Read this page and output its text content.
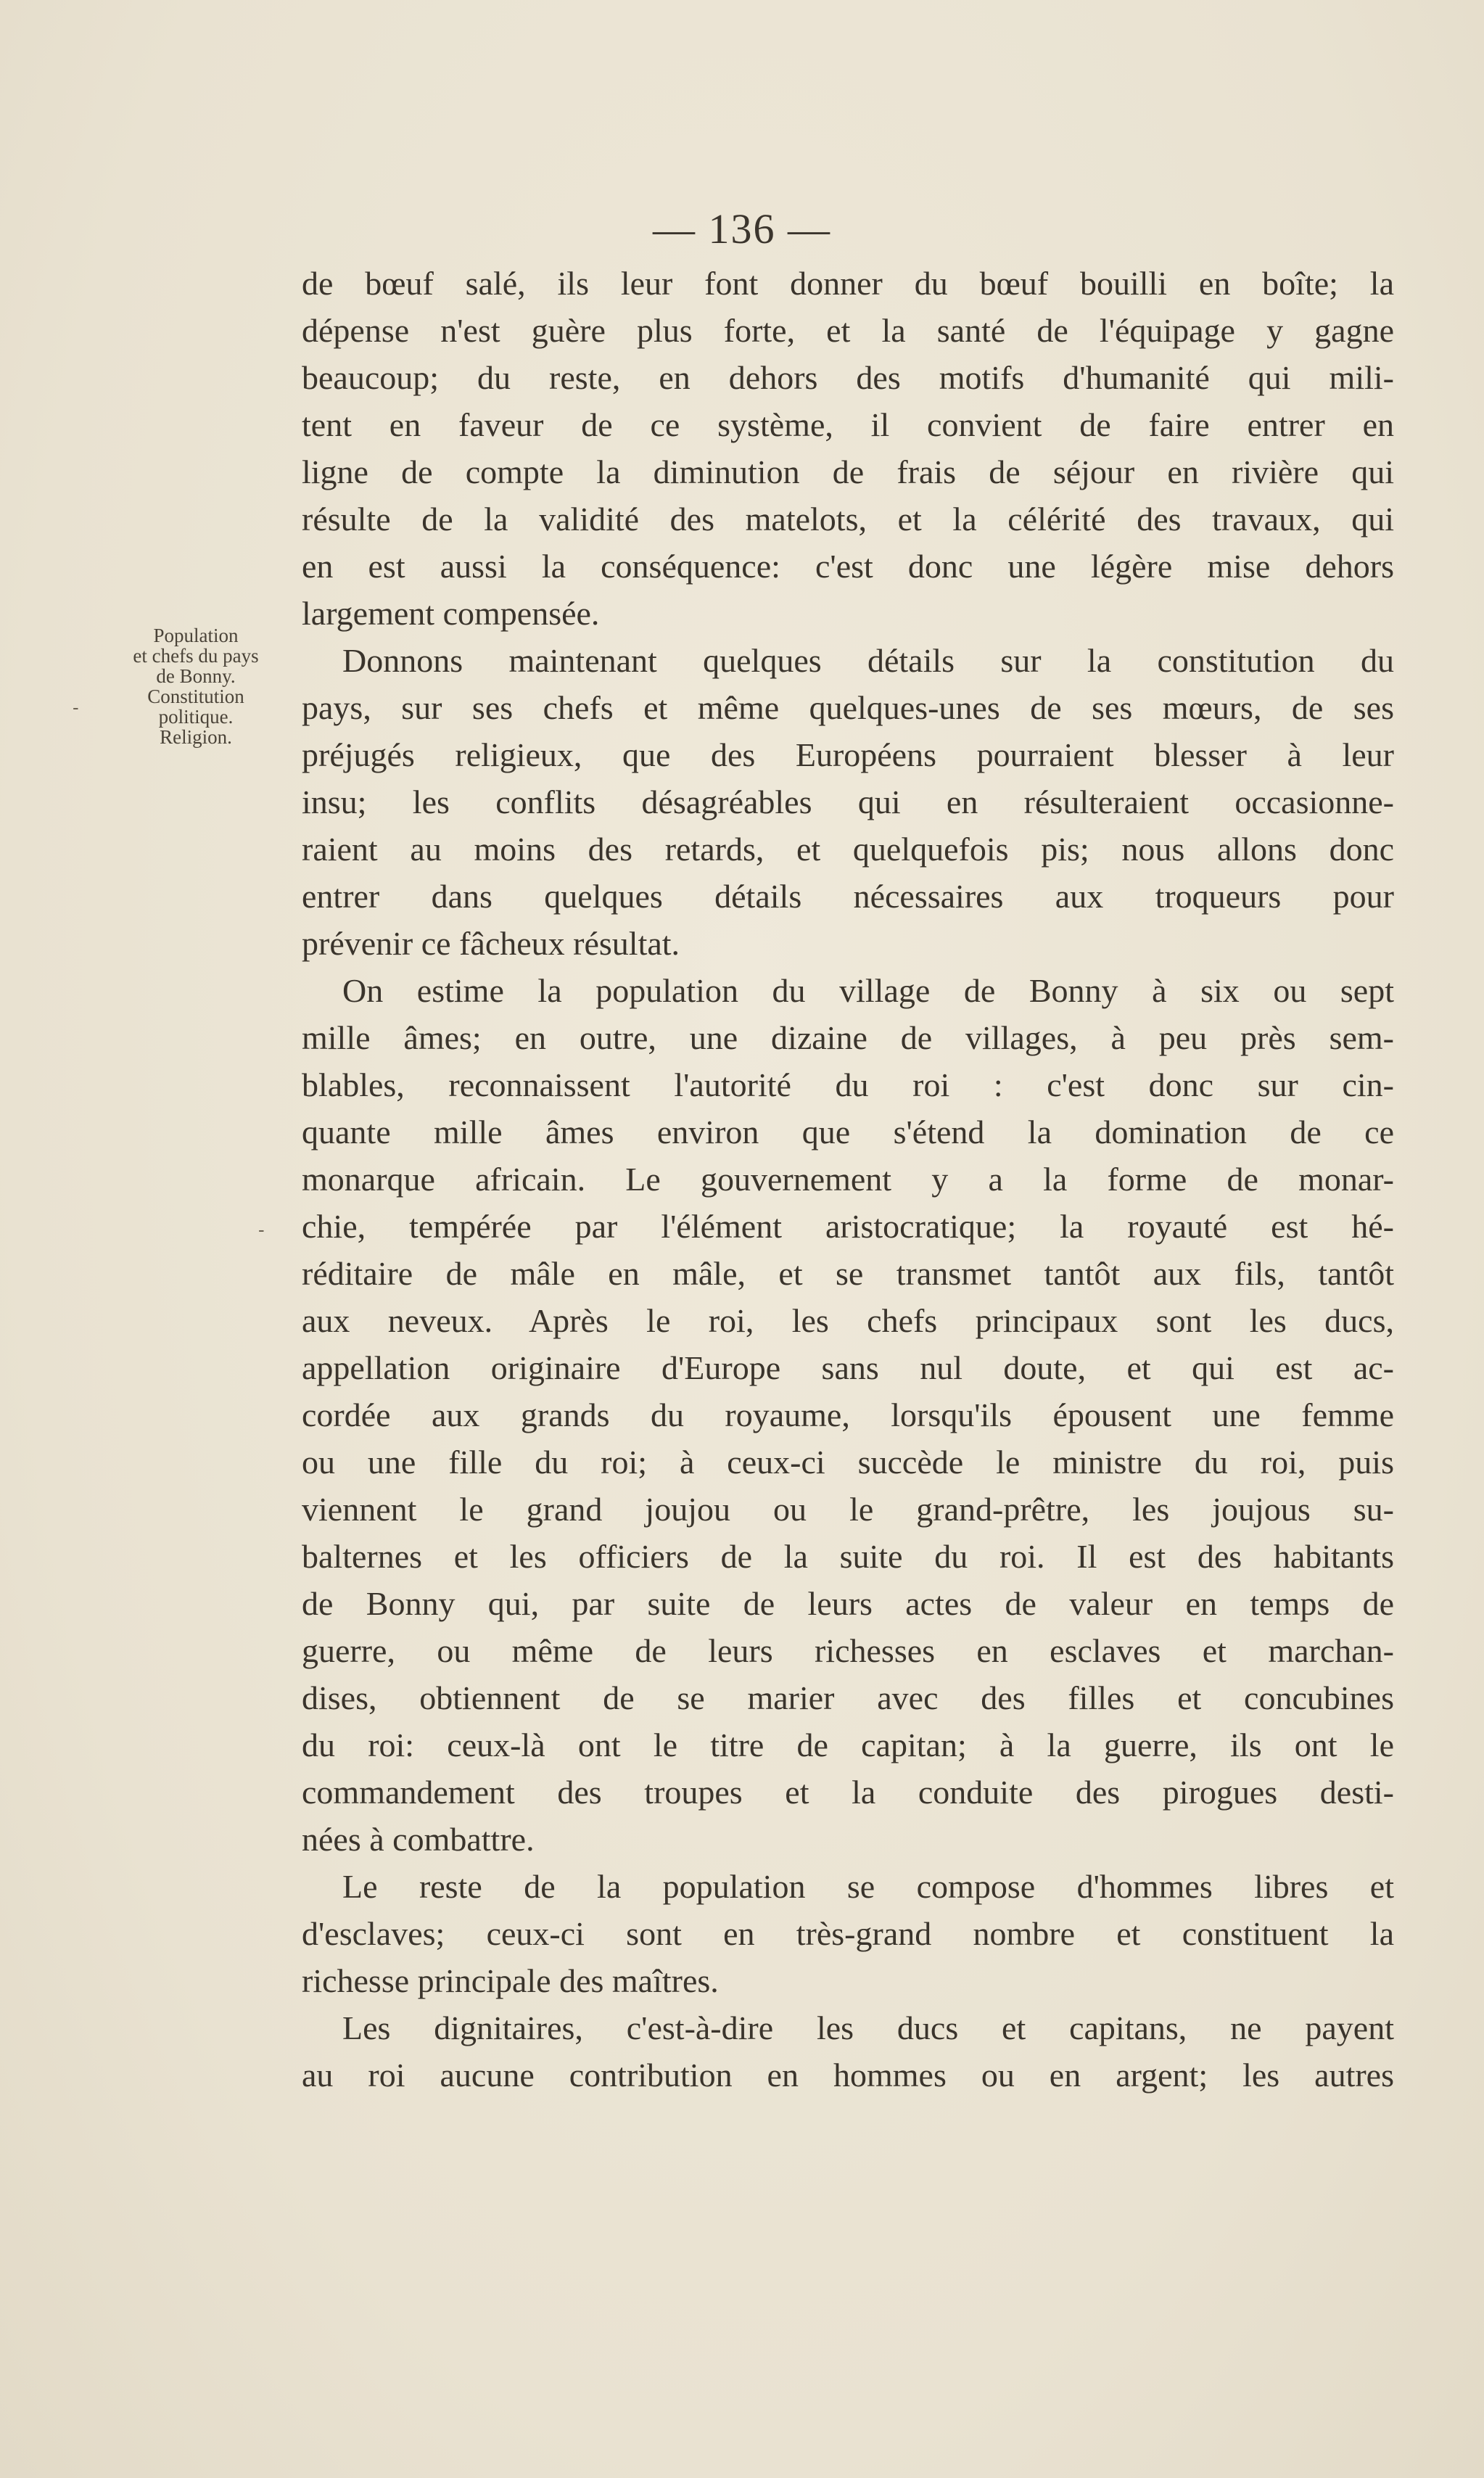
— 136 —
Population
et chefs du pays
de Bonny.
Constitution
politique.
Religion.
-
-
de bœuf salé, ils leur font donner du bœuf bouilli en boîte; la
dépense n'est guère plus forte, et la santé de l'équipage y gagne
beaucoup; du reste, en dehors des motifs d'humanité qui mili-
tent en faveur de ce système, il convient de faire entrer en
ligne de compte la diminution de frais de séjour en rivière qui
résulte de la validité des matelots, et la célérité des travaux, qui
en est aussi la conséquence: c'est donc une légère mise dehors
largement compensée.
Donnons maintenant quelques détails sur la constitution du
pays, sur ses chefs et même quelques-unes de ses mœurs, de ses
préjugés religieux, que des Européens pourraient blesser à leur
insu; les conflits désagréables qui en résulteraient occasionne-
raient au moins des retards, et quelquefois pis; nous allons donc
entrer dans quelques détails nécessaires aux troqueurs pour
prévenir ce fâcheux résultat.
On estime la population du village de Bonny à six ou sept
mille âmes; en outre, une dizaine de villages, à peu près sem-
blables, reconnaissent l'autorité du roi : c'est donc sur cin-
quante mille âmes environ que s'étend la domination de ce
monarque africain. Le gouvernement y a la forme de monar-
chie, tempérée par l'élément aristocratique; la royauté est hé-
réditaire de mâle en mâle, et se transmet tantôt aux fils, tantôt
aux neveux. Après le roi, les chefs principaux sont les ducs,
appellation originaire d'Europe sans nul doute, et qui est ac-
cordée aux grands du royaume, lorsqu'ils épousent une femme
ou une fille du roi; à ceux-ci succède le ministre du roi, puis
viennent le grand joujou ou le grand-prêtre, les joujous su-
balternes et les officiers de la suite du roi. Il est des habitants
de Bonny qui, par suite de leurs actes de valeur en temps de
guerre, ou même de leurs richesses en esclaves et marchan-
dises, obtiennent de se marier avec des filles et concubines
du roi: ceux-là ont le titre de capitan; à la guerre, ils ont le
commandement des troupes et la conduite des pirogues desti-
nées à combattre.
Le reste de la population se compose d'hommes libres et
d'esclaves; ceux-ci sont en très-grand nombre et constituent la
richesse principale des maîtres.
Les dignitaires, c'est-à-dire les ducs et capitans, ne payent
au roi aucune contribution en hommes ou en argent; les autres
